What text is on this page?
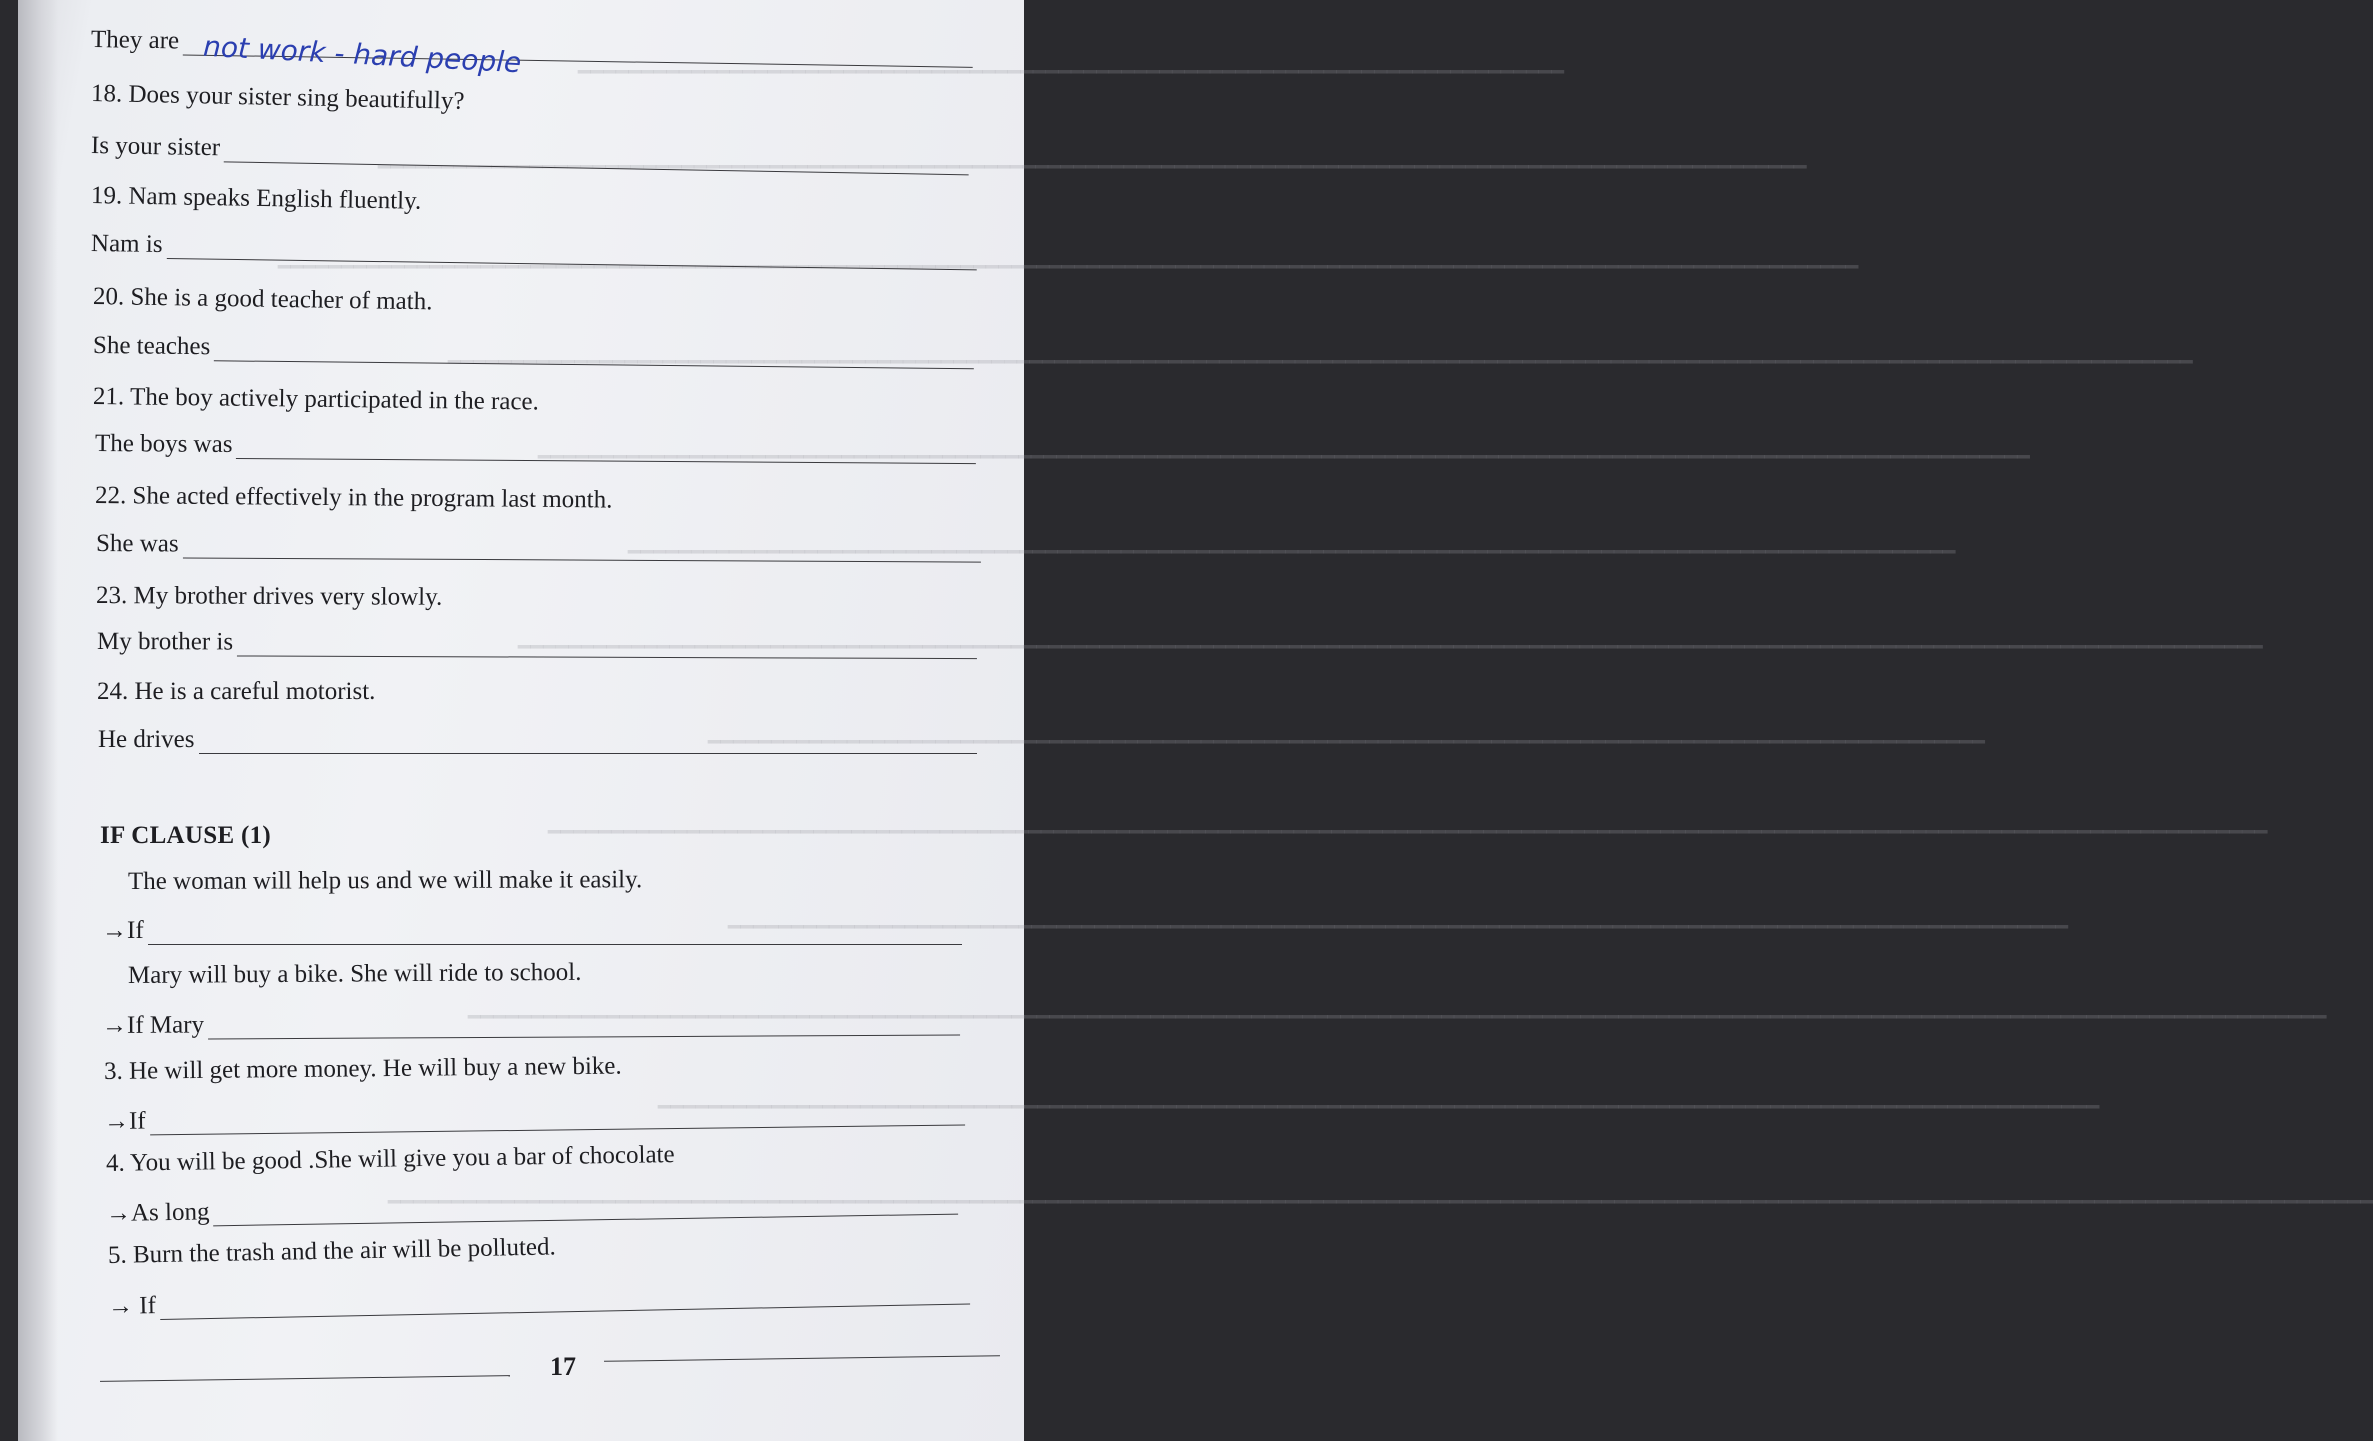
━━━━━━━━━━━━━━━━━━━━━━━━━━━━━━━━━━━━━━━━━━━━━━━━━━━━━━━━━━━━━━━━━━━━━━━━━━━━━━
━━━━━━━━━━━━━━━━━━━━━━━━━━━━━━━━━━━━━━━━━━━━━━━━━━━━━━━━━━━━━━━━━━━━━━━━━━━━━━━━━━━━━━━━━━━━━━━━━━━━━━━━━━━━━━━━━
━━━━━━━━━━━━━━━━━━━━━━━━━━━━━━━━━━━━━━━━━━━━━━━━━━━━━━━━━━━━━━━━━━━━━━━━━━━━━━━━━━━━━━━━━━━━━━━━━━━━━━━━━━━━━━━━━━━━━━━━━━━━━
━━━━━━━━━━━━━━━━━━━━━━━━━━━━━━━━━━━━━━━━━━━━━━━━━━━━━━━━━━━━━━━━━━━━━━━━━━━━━━━━━━━━━━━━━━━━━━━━━━━━━━━━━━━━━━━━━━━━━━━━━━━━━━━━━━━━━━━━━━
━━━━━━━━━━━━━━━━━━━━━━━━━━━━━━━━━━━━━━━━━━━━━━━━━━━━━━━━━━━━━━━━━━━━━━━━━━━━━━━━━━━━━━━━━━━━━━━━━━━━━━━━━━━━━━━━━━━━━━
━━━━━━━━━━━━━━━━━━━━━━━━━━━━━━━━━━━━━━━━━━━━━━━━━━━━━━━━━━━━━━━━━━━━━━━━━━━━━━━━━━━━━━━━━━━━━━━━━━━━━━━━━
━━━━━━━━━━━━━━━━━━━━━━━━━━━━━━━━━━━━━━━━━━━━━━━━━━━━━━━━━━━━━━━━━━━━━━━━━━━━━━━━━━━━━━━━━━━━━━━━━━━━━━━━━━━━━━━━━━━━━━━━━━━━━━━━━━━━━━━━━━
━━━━━━━━━━━━━━━━━━━━━━━━━━━━━━━━━━━━━━━━━━━━━━━━━━━━━━━━━━━━━━━━━━━━━━━━━━━━━━━━━━━━━━━━━━━━━━━━━━━━━
━━━━━━━━━━━━━━━━━━━━━━━━━━━━━━━━━━━━━━━━━━━━━━━━━━━━━━━━━━━━━━━━━━━━━━━━━━━━━━━━━━━━━━━━━━━━━━━━━━━━━━━━━━━━━━━━━━━━━━━━━━━━━━━━━━━━━━━━
━━━━━━━━━━━━━━━━━━━━━━━━━━━━━━━━━━━━━━━━━━━━━━━━━━━━━━━━━━━━━━━━━━━━━━━━━━━━━━━━━━━━━━━━━━━━━━━━━━━━━━━━━━
━━━━━━━━━━━━━━━━━━━━━━━━━━━━━━━━━━━━━━━━━━━━━━━━━━━━━━━━━━━━━━━━━━━━━━━━━━━━━━━━━━━━━━━━━━━━━━━━━━━━━━━━━━━━━━━━━━━━━━━━━━━━━━━━━━━━━━━━━━━━━━━━━━━
━━━━━━━━━━━━━━━━━━━━━━━━━━━━━━━━━━━━━━━━━━━━━━━━━━━━━━━━━━━━━━━━━━━━━━━━━━━━━━━━━━━━━━━━━━━━━━━━━━━━━━━━━━━━━━━━━━
━━━━━━━━━━━━━━━━━━━━━━━━━━━━━━━━━━━━━━━━━━━━━━━━━━━━━━━━━━━━━━━━━━━━━━━━━━━━━━━━━━━━━━━━━━━━━━━━━━━━━━━━━━━━━━━━━━━━━━━━━━━━━━━━━━━━━━━━━━━━━━━━━━━━━━━━━━━━━
They are not work - hard people
18. Does your sister sing beautifully?
Is your sister
19. Nam speaks English fluently.
Nam is
20. She is a good teacher of math.
She teaches
21. The boy actively participated in the race.
The boys was
22. She acted effectively in the program last month.
She was
23. My brother drives very slowly.
My brother is
24. He is a careful motorist.
He drives
IF CLAUSE (1)
The woman will help us and we will make it easily.
→If
Mary will buy a bike. She will ride to school.
→If Mary
3. He will get more money. He will buy a new bike.
→If
4. You will be good .She will give you a bar of chocolate
→As long
5. Burn the trash and the air will be polluted.
→ If
17
